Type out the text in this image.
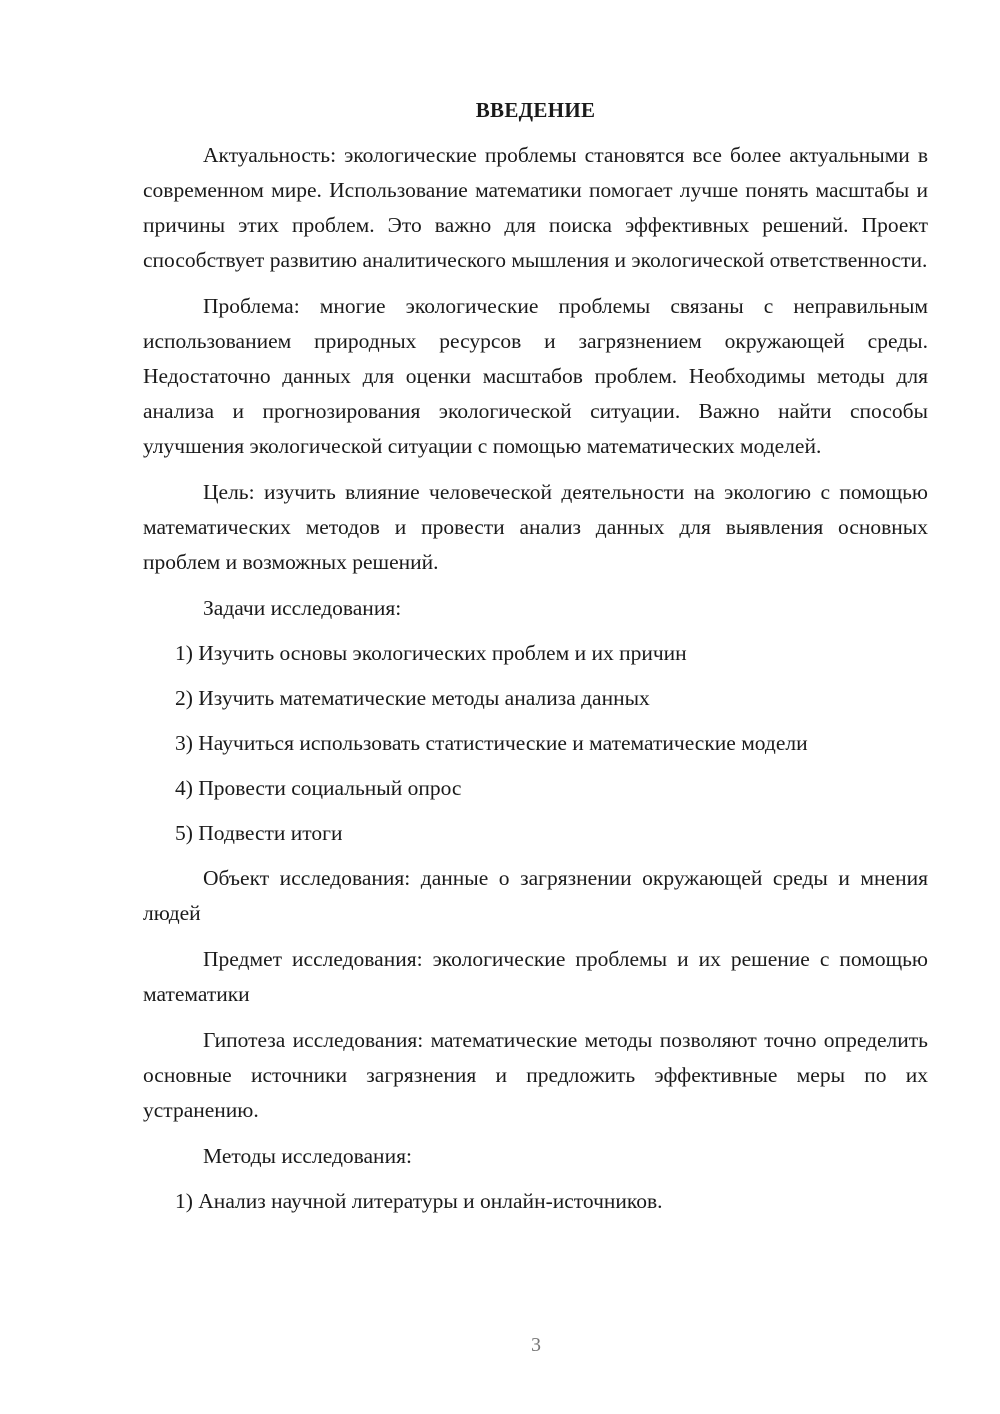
ВВЕДЕНИЕ

Актуальность: экологические проблемы становятся все более актуальными в современном мире. Использование математики помогает лучше понять масштабы и причины этих проблем. Это важно для поиска эффективных решений. Проект способствует развитию аналитического мышления и экологической ответственности.

Проблема: многие экологические проблемы связаны с неправильным использованием природных ресурсов и загрязнением окружающей среды. Недостаточно данных для оценки масштабов проблем. Необходимы методы для анализа и прогнозирования экологической ситуации. Важно найти способы улучшения экологической ситуации с помощью математических моделей.

Цель: изучить влияние человеческой деятельности на экологию с помощью математических методов и провести анализ данных для выявления основных проблем и возможных решений.

Задачи исследования:

1) Изучить основы экологических проблем и их причин
2) Изучить математические методы анализа данных
3) Научиться использовать статистические и математические модели
4) Провести социальный опрос
5) Подвести итоги

Объект исследования: данные о загрязнении окружающей среды и мнения людей

Предмет исследования: экологические проблемы и их решение с помощью математики

Гипотеза исследования: математические методы позволяют точно определить основные источники загрязнения и предложить эффективные меры по их устранению.

Методы исследования:

1) Анализ научной литературы и онлайн-источников.
3
